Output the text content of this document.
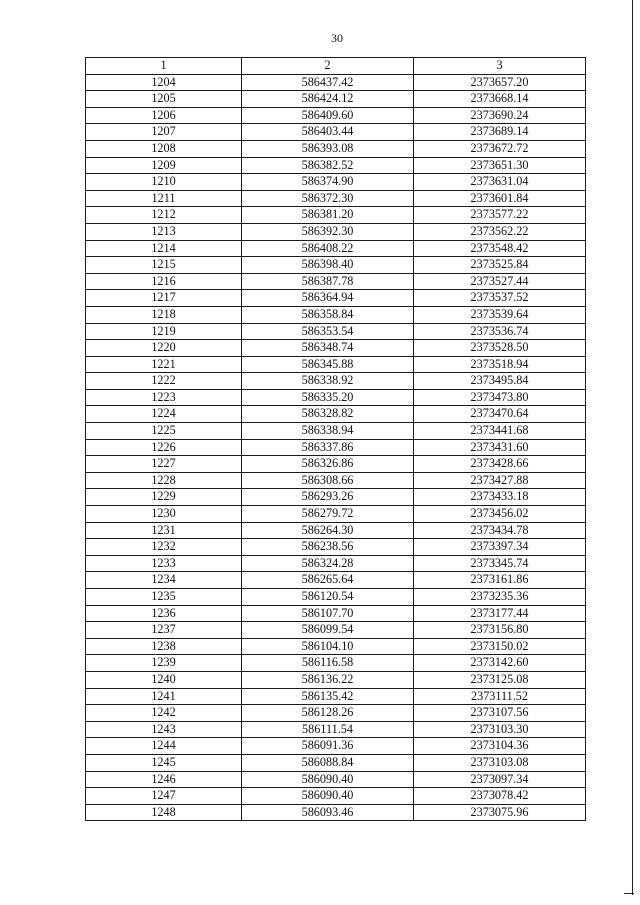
30
1	2	3
1204	586437.42	2373657.20
1205	586424.12	2373668.14
1206	586409.60	2373690.24
1207	586403.44	2373689.14
1208	586393.08	2373672.72
1209	586382.52	2373651.30
1210	586374.90	2373631.04
1211	586372.30	2373601.84
1212	586381.20	2373577.22
1213	586392.30	2373562.22
1214	586408.22	2373548.42
1215	586398.40	2373525.84
1216	586387.78	2373527.44
1217	586364.94	2373537.52
1218	586358.84	2373539.64
1219	586353.54	2373536.74
1220	586348.74	2373528.50
1221	586345.88	2373518.94
1222	586338.92	2373495.84
1223	586335.20	2373473.80
1224	586328.82	2373470.64
1225	586338.94	2373441.68
1226	586337.86	2373431.60
1227	586326.86	2373428.66
1228	586308.66	2373427.88
1229	586293.26	2373433.18
1230	586279.72	2373456.02
1231	586264.30	2373434.78
1232	586238.56	2373397.34
1233	586324.28	2373345.74
1234	586265.64	2373161.86
1235	586120.54	2373235.36
1236	586107.70	2373177.44
1237	586099.54	2373156.80
1238	586104.10	2373150.02
1239	586116.58	2373142.60
1240	586136.22	2373125.08
1241	586135.42	2373111.52
1242	586128.26	2373107.56
1243	586111.54	2373103.30
1244	586091.36	2373104.36
1245	586088.84	2373103.08
1246	586090.40	2373097.34
1247	586090.40	2373078.42
1248	586093.46	2373075.96
